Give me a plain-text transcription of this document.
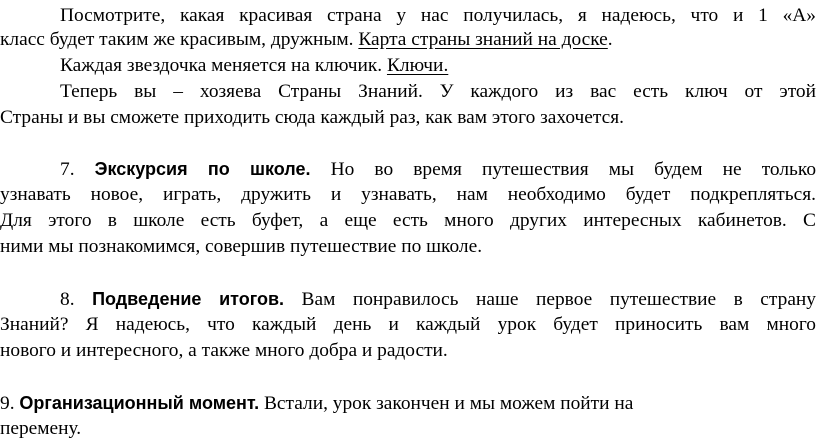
Посмотрите, какая красивая страна у нас получилась, я надеюсь, что и 1 «А»
класс будет таким же красивым, дружным. Карта страны знаний на доске.
Каждая звездочка меняется на ключик. Ключи.
Теперь вы – хозяева Страны Знаний. У каждого из вас есть ключ от этой
Страны и вы сможете приходить сюда каждый раз, как вам этого захочется.
7. Экскурсия по школе. Но во время путешествия мы будем не только
узнавать новое, играть, дружить и узнавать, нам необходимо будет подкрепляться.
Для этого в школе есть буфет, а еще есть много других интересных кабинетов. С
ними мы познакомимся, совершив путешествие по школе.
8. Подведение итогов. Вам понравилось наше первое путешествие в страну
Знаний? Я надеюсь, что каждый день и каждый урок будет приносить вам много
нового и интересного, а также много добра и радости.
9. Организационный момент. Встали, урок закончен и мы можем пойти на
перемену.
